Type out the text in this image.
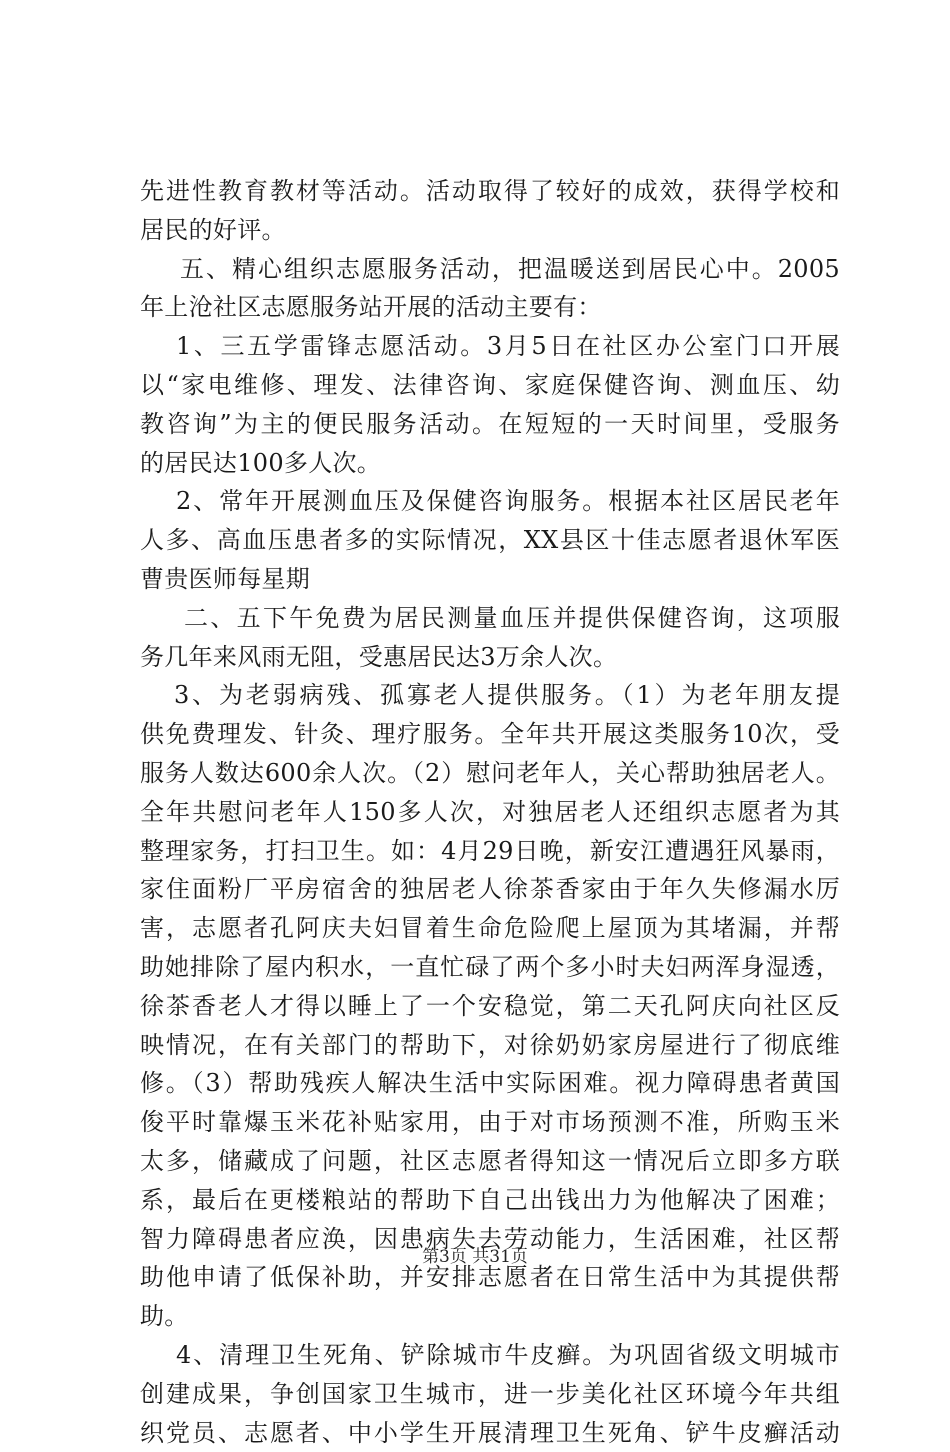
先进性教育教材等活动。活动取得了较好的成效，获得学校和
居民的好评。
五、精心组织志愿服务活动，把温暖送到居民心中。2005
年上沧社区志愿服务站开展的活动主要有：
1、三五学雷锋志愿活动。3月5日在社区办公室门口开展
以“家电维修、理发、法律咨询、家庭保健咨询、测血压、幼
教咨询”为主的便民服务活动。在短短的一天时间里，受服务
的居民达100多人次。
2、常年开展测血压及保健咨询服务。根据本社区居民老年
人多、高血压患者多的实际情况，XX县区十佳志愿者退休军医
曹贵医师每星期
二、五下午免费为居民测量血压并提供保健咨询，这项服
务几年来风雨无阻，受惠居民达3万余人次。
3、为老弱病残、孤寡老人提供服务。（1）为老年朋友提
供免费理发、针灸、理疗服务。全年共开展这类服务10次，受
服务人数达600余人次。（2）慰问老年人，关心帮助独居老人。
全年共慰问老年人150多人次，对独居老人还组织志愿者为其
整理家务，打扫卫生。如：4月29日晚，新安江遭遇狂风暴雨，
家住面粉厂平房宿舍的独居老人徐茶香家由于年久失修漏水厉
害，志愿者孔阿庆夫妇冒着生命危险爬上屋顶为其堵漏，并帮
助她排除了屋内积水，一直忙碌了两个多小时夫妇两浑身湿透，
徐茶香老人才得以睡上了一个安稳觉，第二天孔阿庆向社区反
映情况，在有关部门的帮助下，对徐奶奶家房屋进行了彻底维
修。（3）帮助残疾人解决生活中实际困难。视力障碍患者黄国
俊平时靠爆玉米花补贴家用，由于对市场预测不准，所购玉米
太多，储藏成了问题，社区志愿者得知这一情况后立即多方联
系，最后在更楼粮站的帮助下自己出钱出力为他解决了困难；
智力障碍患者应涣，因患病失去劳动能力，生活困难，社区帮
助他申请了低保补助，并安排志愿者在日常生活中为其提供帮
助。
4、清理卫生死角、铲除城市牛皮癣。为巩固省级文明城市
创建成果，争创国家卫生城市，进一步美化社区环境今年共组
织党员、志愿者、中小学生开展清理卫生死角、铲牛皮癣活动
第3页 共31页
